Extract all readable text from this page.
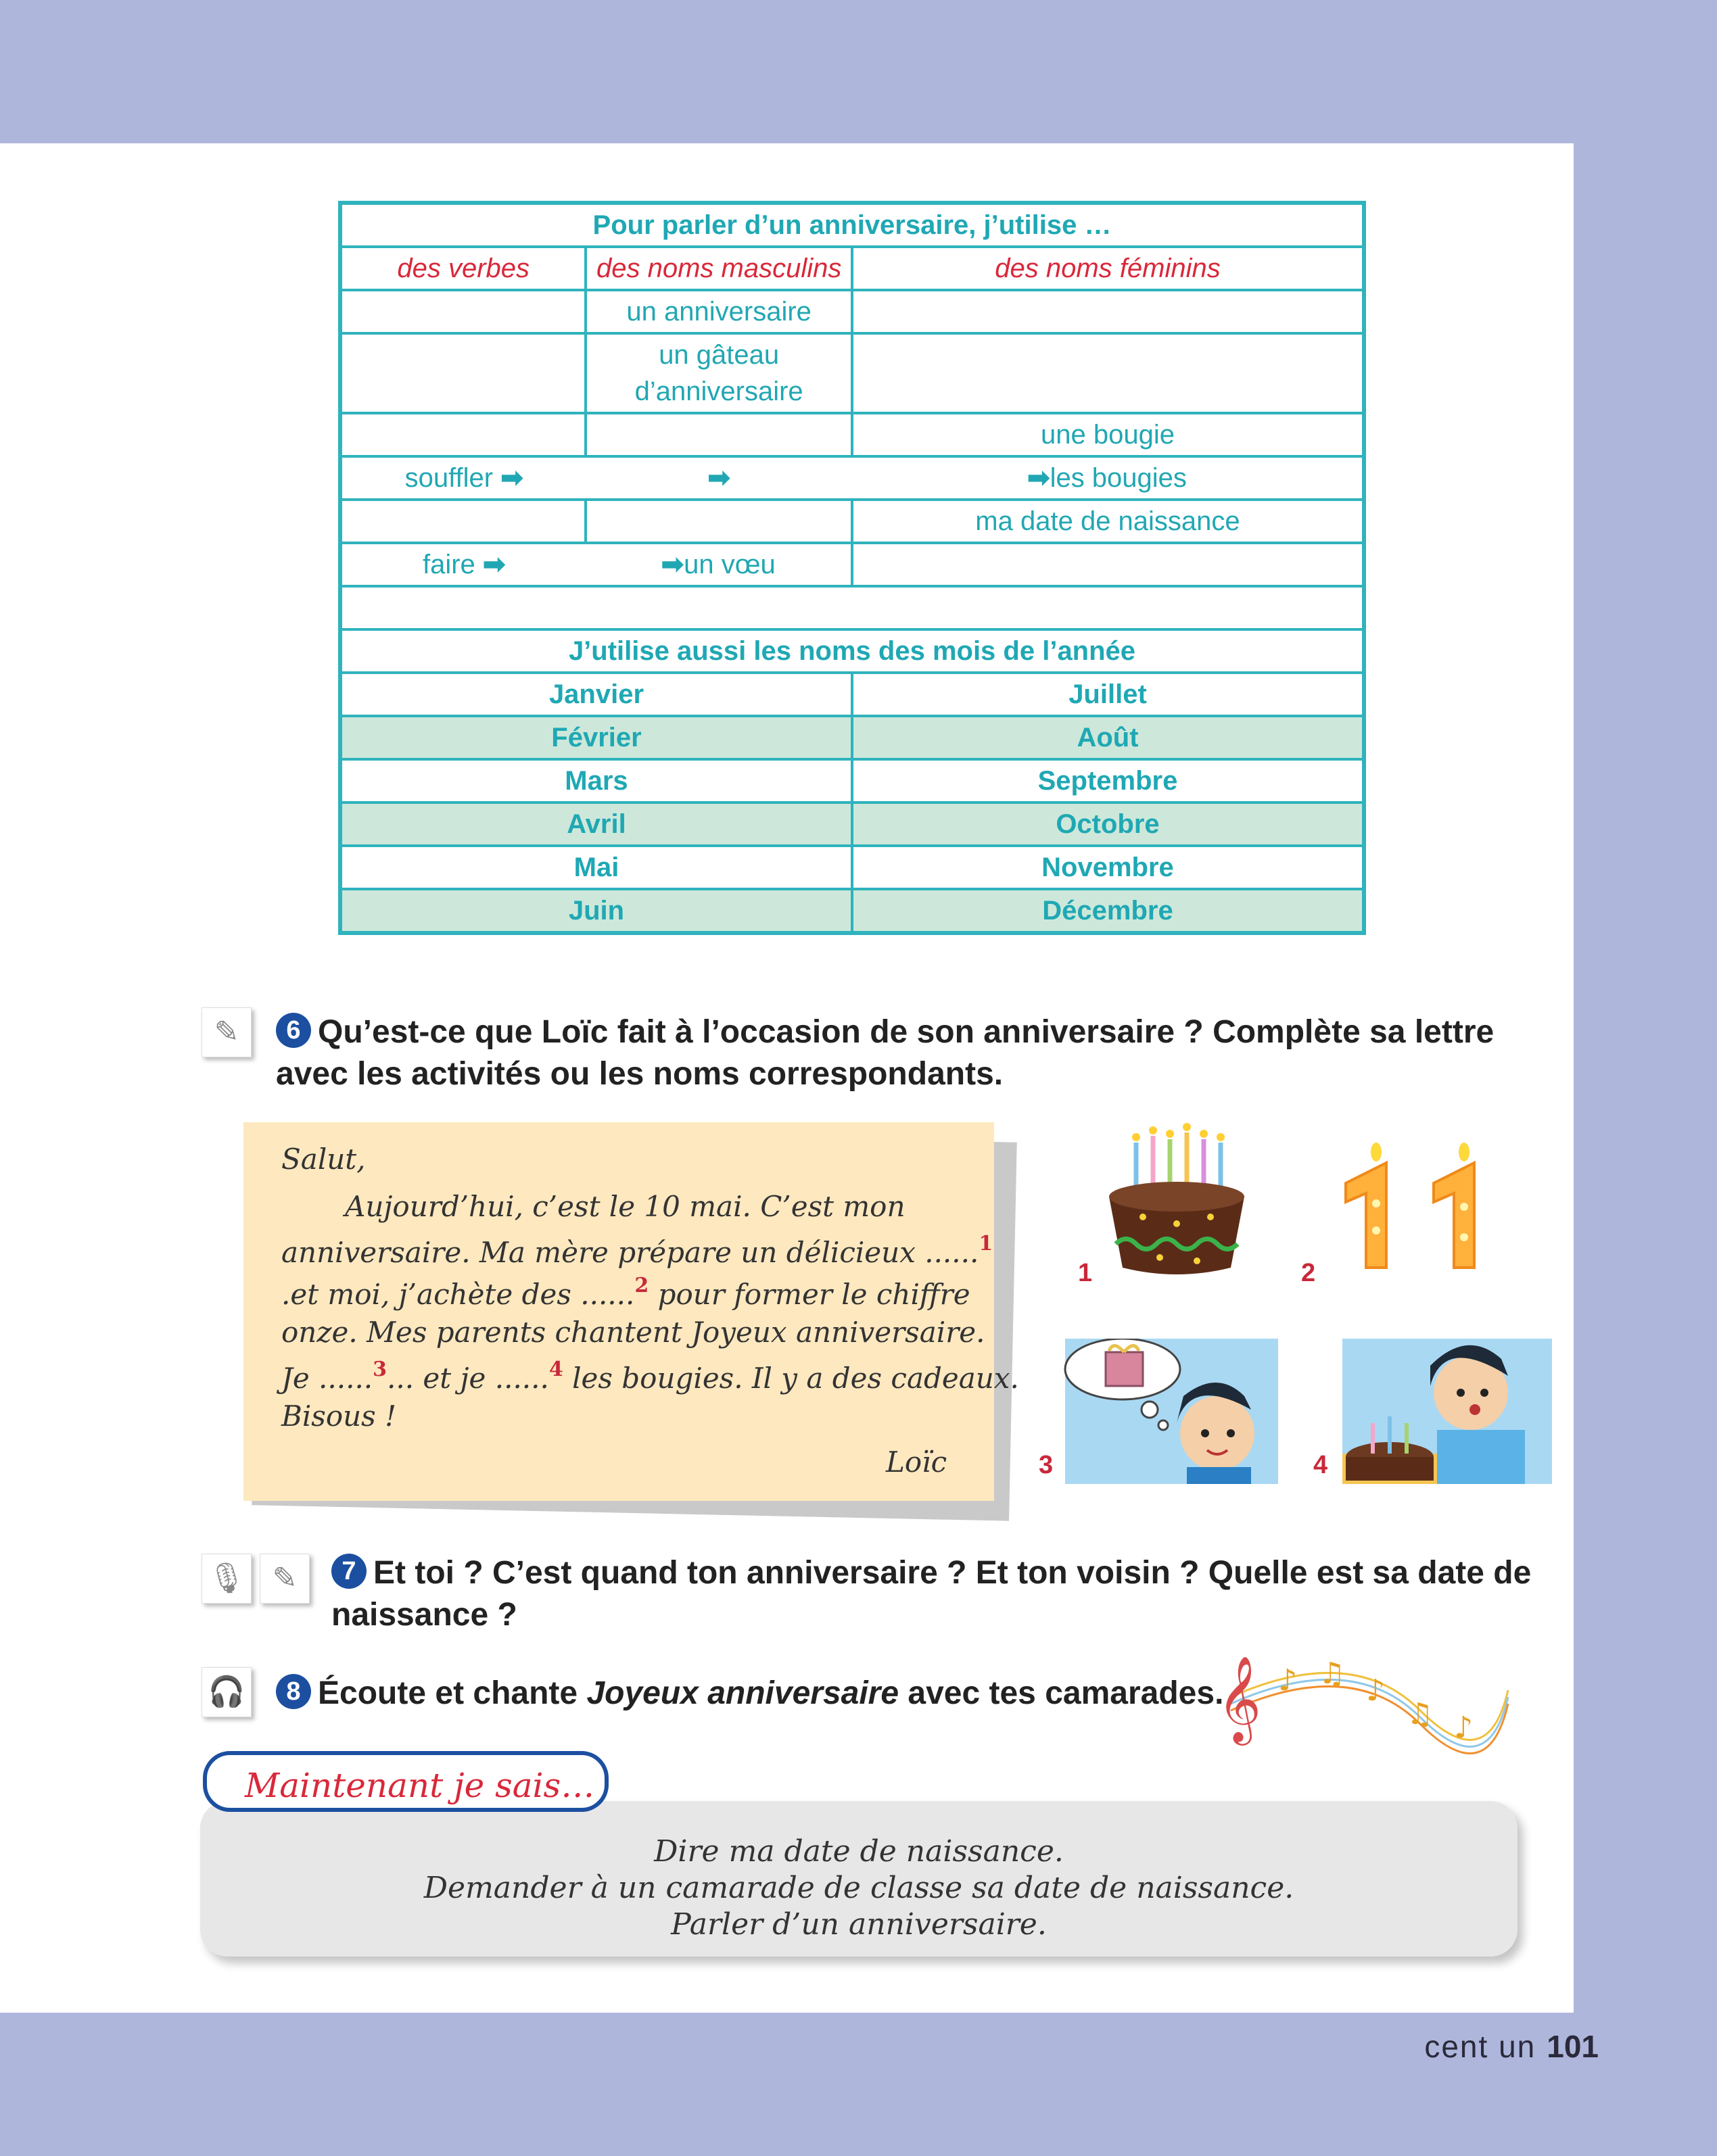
Pour parler d’un anniversaire, j’utilise …		
des verbes	des noms masculins	des noms féminins
	un anniversaire	
	un gâteau d’anniversaire	
		une bougie
souffler ➡	➡	➡les bougies
		ma date de naissance
faire ➡	➡un vœu	

J’utilise aussi les noms des mois de l’année		
Janvier		Juillet
Février		Août
Mars		Septembre
Avril		Octobre
Mai		Novembre
Juin		Décembre
✎	6 Qu’est-ce que Loïc fait à l’occasion de son anniversaire ? Complète sa lettre
avec les activités ou les noms correspondants.
Salut,
Aujourd’hui, c’est le 10 mai. C’est mon
anniversaire. Ma mère prépare un délicieux ......$^1$
.et moi, j’achète des ......$^2$ pour former le chiffre
onze. Mes parents chantent Joyeux anniversaire.
Je ......$^3$... et je ......$^4$ les bougies. Il y a des cadeaux.
Bisous !
Loïc
1	2
3	4
🎙 ✎	7 Et toi ? C’est quand ton anniversaire ? Et ton voisin ? Quelle est sa date de
naissance ?
🎧	8 Écoute et chante Joyeux anniversaire avec tes camarades.
𝄞 ♪ ♫ ♪
♫ ♪
Dire ma date de naissance.
Demander à un camarade de classe sa date de naissance.
Parler d’un anniversaire.
Maintenant je sais…
cent un 101
